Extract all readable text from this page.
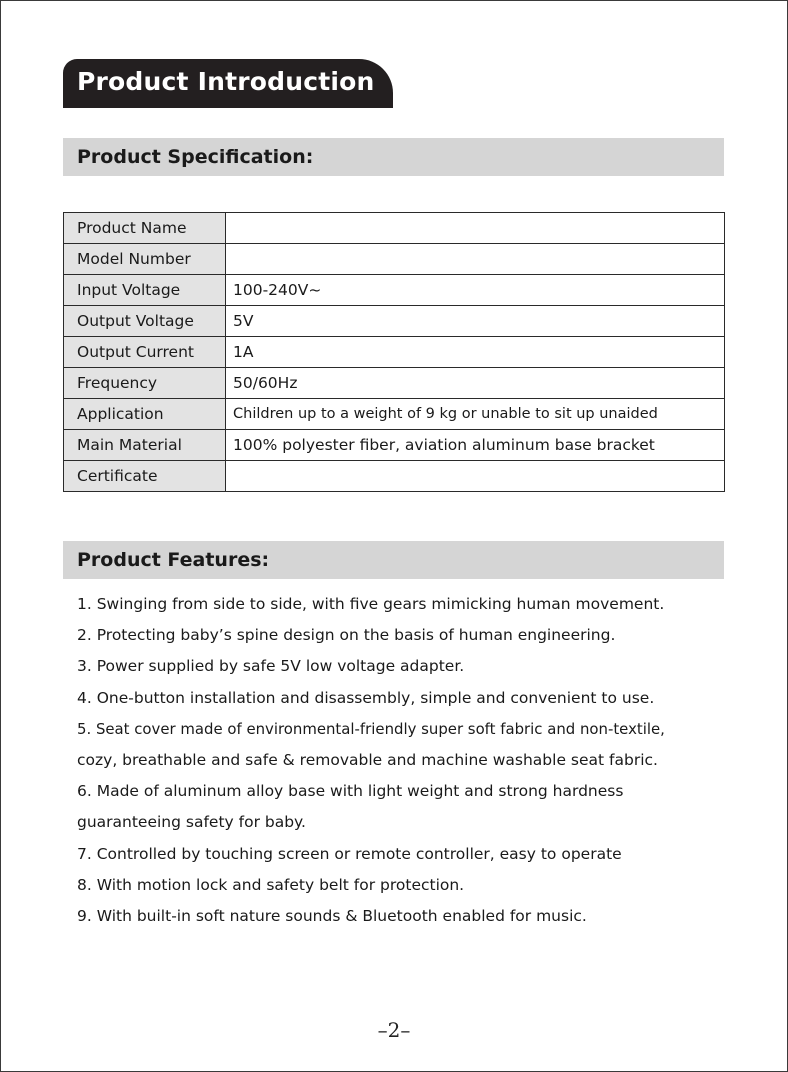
Product Introduction
Product Specification:
Product Name	
Model Number	
Input Voltage	100-240V~
Output Voltage	5V
Output Current	1A
Frequency	50/60Hz
Application	Children up to a weight of 9 kg or unable to sit up unaided
Main Material	100% polyester fiber, aviation aluminum base bracket
Certificate	
Product Features:
1. Swinging from side to side, with five gears mimicking human movement.
2. Protecting baby’s spine design on the basis of human engineering.
3. Power supplied by safe 5V low voltage adapter.
4. One-button installation and disassembly, simple and convenient to use.
5. Seat cover made of environmental-friendly super soft fabric and non-textile,
cozy, breathable and safe & removable and machine washable seat fabric.
6. Made of aluminum alloy base with light weight and strong hardness
guaranteeing safety for baby.
7. Controlled by touching screen or remote controller, easy to operate
8. With motion lock and safety belt for protection.
9. With built-in soft nature sounds & Bluetooth enabled for music.
–2–
